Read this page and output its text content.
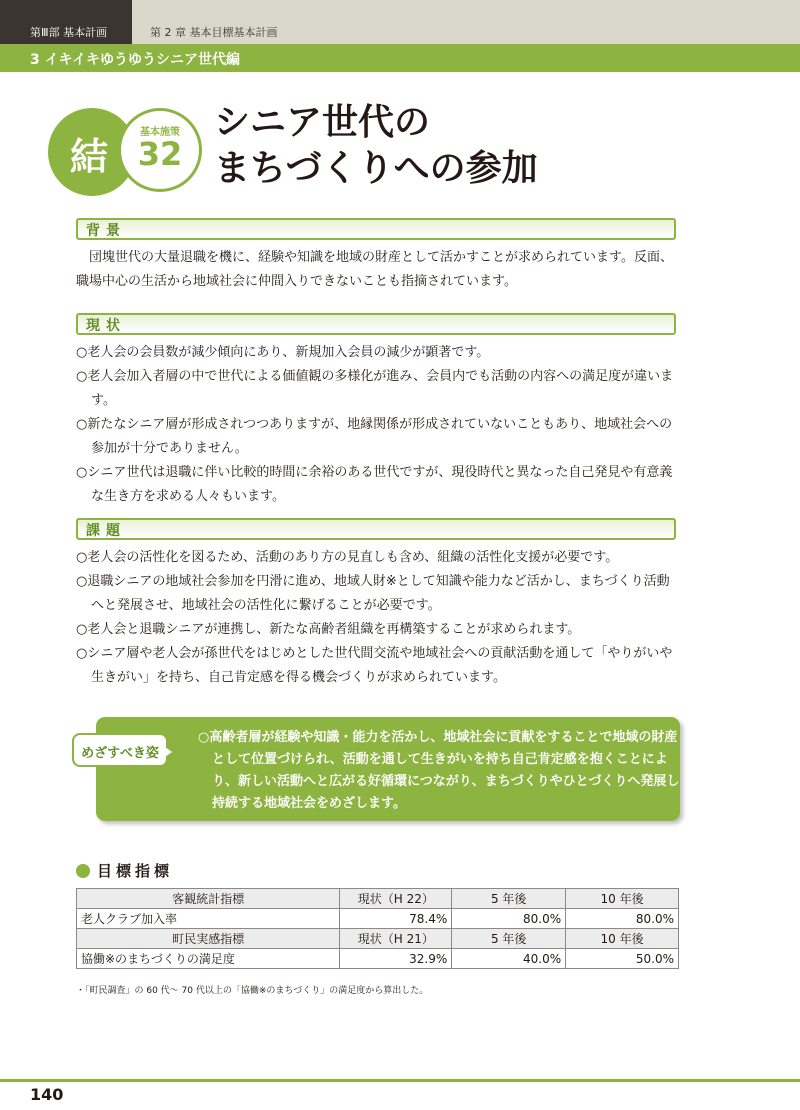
第Ⅲ部 基本計画	第 2 章 基本目標基本計画
3 イキイキゆうゆうシニア世代編
結
基本施策
32
シニア世代の
まちづくりへの参加
背景
団塊世代の大量退職を機に、経験や知識を地域の財産として活かすことが求められています。反面、職場中心の生活から地域社会に仲間入りできないことも指摘されています。
現状
○ 老人会の会員数が減少傾向にあり、新規加入会員の減少が顕著です。
○ 老人会加入者層の中で世代による価値観の多様化が進み、会員内でも活動の内容への満足度が違います。
○ 新たなシニア層が形成されつつありますが、地縁関係が形成されていないこともあり、地域社会への参加が十分でありません。
○ シニア世代は退職に伴い比較的時間に余裕のある世代ですが、現役時代と異なった自己発見や有意義な生き方を求める人々もいます。
課題
○ 老人会の活性化を図るため、活動のあり方の見直しも含め、組織の活性化支援が必要です。
○ 退職シニアの地域社会参加を円滑に進め、地域人財※として知識や能力など活かし、まちづくり活動へと発展させ、地域社会の活性化に繋げることが必要です。
○ 老人会と退職シニアが連携し、新たな高齢者組織を再構築することが求められます。
○ シニア層や老人会が孫世代をはじめとした世代間交流や地域社会への貢献活動を通して「やりがいや生きがい」を持ち、自己肯定感を得る機会づくりが求められています。
○高齢者層が経験や知識・能力を活かし、地域社会に貢献をすることで地域の財産として位置づけられ、活動を通して生きがいを持ち自己肯定感を抱くことにより、新しい活動へと広がる好循環につながり、まちづくりやひとづくりへ発展し持続する地域社会をめざします。
めざすべき姿
目標指標
客観統計指標	現状（H 22）	5 年後	10 年後
老人クラブ加入率	78.4%	80.0%	80.0%
町民実感指標	現状（H 21）	5 年後	10 年後
協働※のまちづくりの満足度	32.9%	40.0%	50.0%
・「町民調査」の 60 代〜 70 代以上の「協働※のまちづくり」の満足度から算出した。
140
